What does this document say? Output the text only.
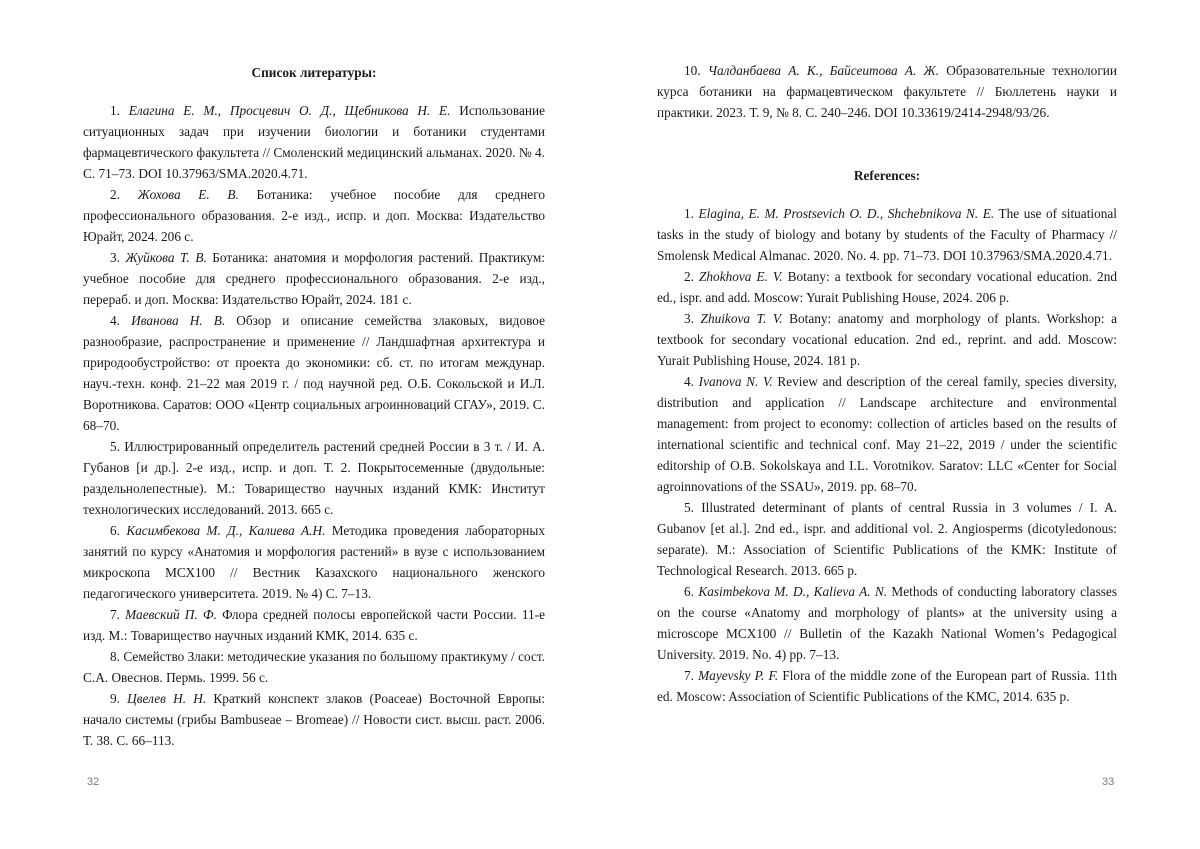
Список литературы:

1. Елагина Е. М., Просцевич О. Д., Щебникова Н. Е. Использование ситуационных задач при изучении биологии и ботаники студентами фармацевтического факультета // Смоленский медицинский альманах. 2020. № 4. С. 71–73. DOI 10.37963/SMA.2020.4.71.

2. Жохова Е. В. Ботаника: учебное пособие для среднего профессионального образования. 2-е изд., испр. и доп. Москва: Издательство Юрайт, 2024. 206 с.

3. Жуйкова Т. В. Ботаника: анатомия и морфология растений. Практикум: учебное пособие для среднего профессионального образования. 2-е изд., перераб. и доп. Москва: Издательство Юрайт, 2024. 181 с.

4. Иванова Н. В. Обзор и описание семейства злаковых, видовое разнообразие, распространение и применение // Ландшафтная архитектура и природообустройство: от проекта до экономики: сб. ст. по итогам междунар. науч.-техн. конф. 21–22 мая 2019 г. / под научной ред. О.Б. Сокольской и И.Л. Воротникова. Саратов: ООО «Центр социальных агроинноваций СГАУ», 2019. С. 68–70.

5. Иллюстрированный определитель растений средней России в 3 т. / И. А. Губанов [и др.]. 2-е изд., испр. и доп. Т. 2. Покрытосеменные (двудольные: раздельнолепестные). М.: Товарищество научных изданий КМК: Институт технологических исследований. 2013. 665 с.

6. Касимбекова М. Д., Калиева А.Н. Методика проведения лабораторных занятий по курсу «Анатомия и морфология растений» в вузе с использованием микроскопа МСХ100 // Вестник Казахского национального женского педагогического университета. 2019. № 4) С. 7–13.

7. Маевский П. Ф. Флора средней полосы европейской части России. 11-е изд. М.: Товарищество научных изданий КМК, 2014. 635 с.

8. Семейство Злаки: методические указания по большому практикуму / сост. С.А. Овеснов. Пермь. 1999. 56 с.

9. Цвелев Н. Н. Краткий конспект злаков (Poaceae) Восточной Европы: начало системы (грибы Bambuseae – Bromeae) // Новости сист. высш. раст. 2006. Т. 38. С. 66–113.

32

10. Чалданбаева А. К., Байсеитова А. Ж. Образовательные технологии курса ботаники на фармацевтическом факультете // Бюллетень науки и практики. 2023. Т. 9, № 8. С. 240–246. DOI 10.33619/2414-2948/93/26.

References:

1. Elagina, E. M. Prostsevich O. D., Shchebnikova N. E. The use of situational tasks in the study of biology and botany by students of the Faculty of Pharmacy // Smolensk Medical Almanac. 2020. No. 4. pp. 71–73. DOI 10.37963/SMA.2020.4.71.

2. Zhokhova E. V. Botany: a textbook for secondary vocational education. 2nd ed., ispr. and add. Moscow: Yurait Publishing House, 2024. 206 p.

3. Zhuikova T. V. Botany: anatomy and morphology of plants. Workshop: a textbook for secondary vocational education. 2nd ed., reprint. and add. Moscow: Yurait Publishing House, 2024. 181 p.

4. Ivanova N. V. Review and description of the cereal family, species diversity, distribution and application // Landscape architecture and environmental management: from project to economy: collection of articles based on the results of international scientific and technical conf. May 21–22, 2019 / under the scientific editorship of O.B. Sokolskaya and I.L. Vorotnikov. Saratov: LLC «Center for Social agroinnovations of the SSAU», 2019. pp. 68–70.

5. Illustrated determinant of plants of central Russia in 3 volumes / I. A. Gubanov [et al.]. 2nd ed., ispr. and additional vol. 2. Angiosperms (dicotyledonous: separate). M.: Association of Scientific Publications of the KMK: Institute of Technological Research. 2013. 665 p.

6. Kasimbekova M. D., Kalieva A. N. Methods of conducting laboratory classes on the course «Anatomy and morphology of plants» at the university using a microscope MCX100 // Bulletin of the Kazakh National Women’s Pedagogical University. 2019. No. 4) pp. 7–13.

7. Mayevsky P. F. Flora of the middle zone of the European part of Russia. 11th ed. Moscow: Association of Scientific Publications of the KMC, 2014. 635 p.

33
